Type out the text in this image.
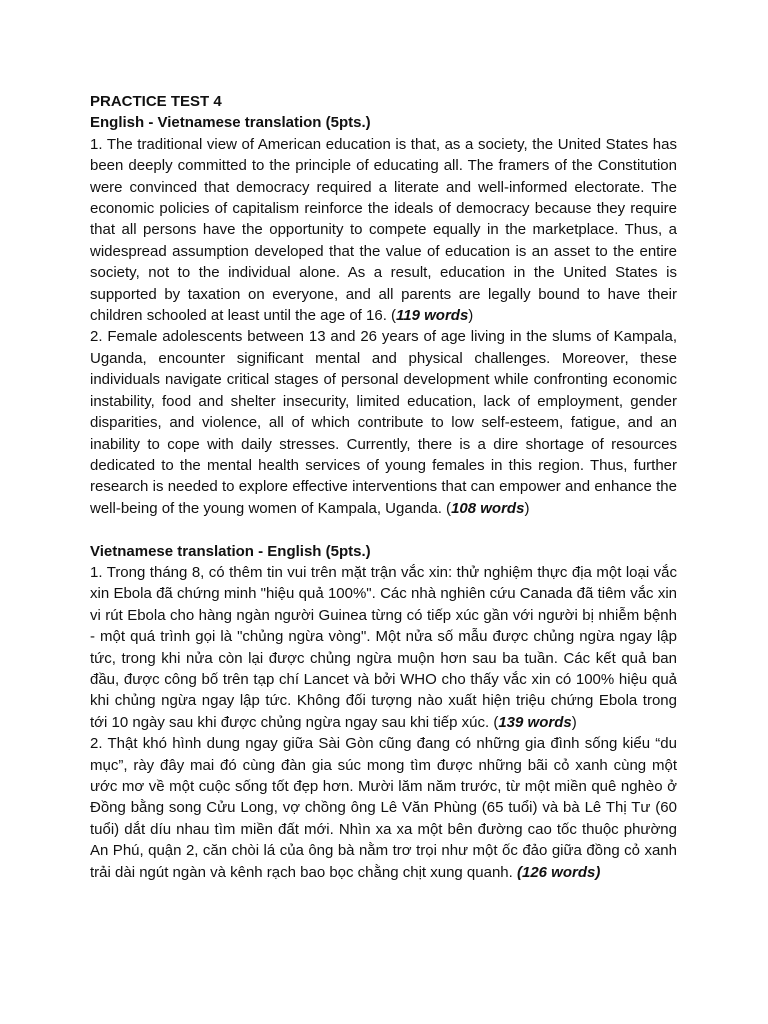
PRACTICE TEST 4

English - Vietnamese translation (5pts.)

1. The traditional view of American education is that, as a society, the United States has been deeply committed to the principle of educating all. The framers of the Constitution were convinced that democracy required a literate and well-informed electorate. The economic policies of capitalism reinforce the ideals of democracy because they require that all persons have the opportunity to compete equally in the marketplace. Thus, a widespread assumption developed that the value of education is an asset to the entire society, not to the individual alone. As a result, education in the United States is supported by taxation on everyone, and all parents are legally bound to have their children schooled at least until the age of 16. (119 words)

2. Female adolescents between 13 and 26 years of age living in the slums of Kampala, Uganda, encounter significant mental and physical challenges. Moreover, these individuals navigate critical stages of personal development while confronting economic instability, food and shelter insecurity, limited education, lack of employment, gender disparities, and violence, all of which contribute to low self-esteem, fatigue, and an inability to cope with daily stresses. Currently, there is a dire shortage of resources dedicated to the mental health services of young females in this region. Thus, further research is needed to explore effective interventions that can empower and enhance the well-being of the young women of Kampala, Uganda. (108 words)

Vietnamese translation - English (5pts.)

1. Trong tháng 8, có thêm tin vui trên mặt trận vắc xin: thử nghiệm thực địa một loại vắc xin Ebola đã chứng minh "hiệu quả 100%". Các nhà nghiên cứu Canada đã tiêm vắc xin vi rút Ebola cho hàng ngàn người Guinea từng có tiếp xúc gần với người bị nhiễm bệnh - một quá trình gọi là "chủng ngừa vòng". Một nửa số mẫu được chủng ngừa ngay lập tức, trong khi nửa còn lại được chủng ngừa muộn hơn sau ba tuần. Các kết quả ban đầu, được công bố trên tạp chí Lancet và bởi WHO cho thấy vắc xin có 100% hiệu quả khi chủng ngừa ngay lập tức. Không đối tượng nào xuất hiện triệu chứng Ebola trong tới 10 ngày sau khi được chủng ngừa ngay sau khi tiếp xúc. (139 words)

2. Thật khó hình dung ngay giữa Sài Gòn cũng đang có những gia đình sống kiểu “du mục”, rày đây mai đó cùng đàn gia súc mong tìm được những bãi cỏ xanh cùng một ước mơ về một cuộc sống tốt đẹp hơn. Mười lăm năm trước, từ một miền quê nghèo ở Đồng bằng song Cửu Long, vợ chồng ông Lê Văn Phùng (65 tuổi) và bà Lê Thị Tư (60 tuổi) dắt díu nhau tìm miền đất mới. Nhìn xa xa một bên đường cao tốc thuộc phường An Phú, quận 2, căn chòi lá của ông bà nằm trơ trọi như một ốc đảo giữa đồng cỏ xanh trải dài ngút ngàn và kênh rạch bao bọc chằng chịt xung quanh. (126 words)
